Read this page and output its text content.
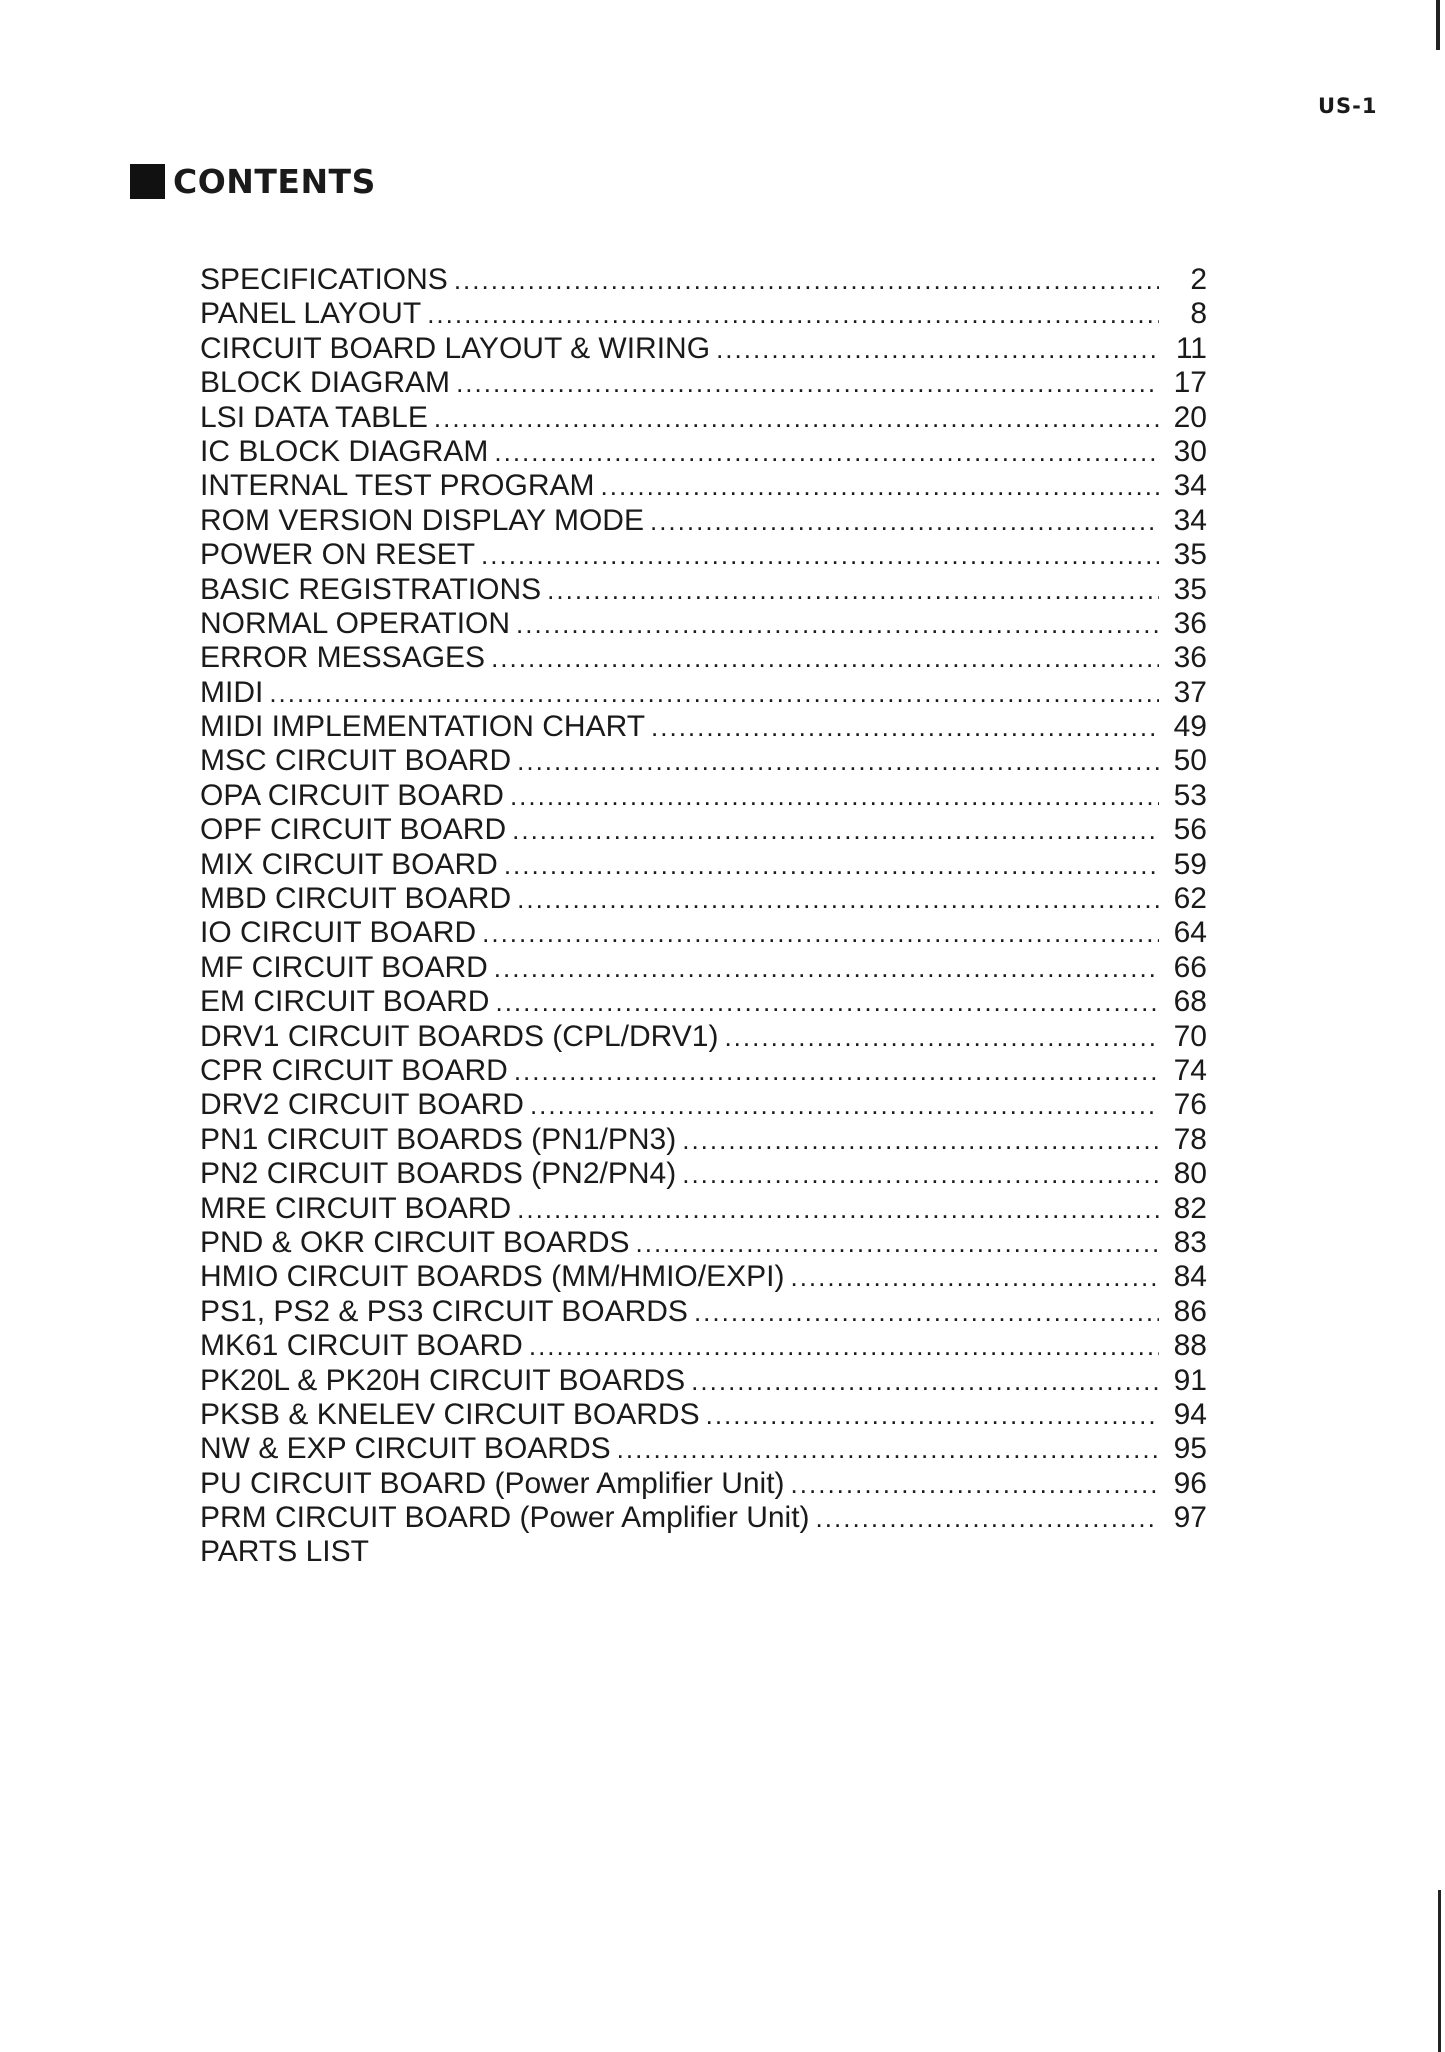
US-1
CONTENTS
SPECIFICATIONS .....	2
PANEL LAYOUT .....	8
CIRCUIT BOARD LAYOUT & WIRING .....	11
BLOCK DIAGRAM .....	17
LSI DATA TABLE .....	20
IC BLOCK DIAGRAM .....	30
INTERNAL TEST PROGRAM .....	34
ROM VERSION DISPLAY MODE .....	34
POWER ON RESET .....	35
BASIC REGISTRATIONS .....	35
NORMAL OPERATION .....	36
ERROR MESSAGES .....	36
MIDI .....	37
MIDI IMPLEMENTATION CHART .....	49
MSC CIRCUIT BOARD .....	50
OPA CIRCUIT BOARD .....	53
OPF CIRCUIT BOARD .....	56
MIX CIRCUIT BOARD .....	59
MBD CIRCUIT BOARD .....	62
IO CIRCUIT BOARD .....	64
MF CIRCUIT BOARD .....	66
EM CIRCUIT BOARD .....	68
DRV1 CIRCUIT BOARDS (CPL/DRV1) .....	70
CPR CIRCUIT BOARD .....	74
DRV2 CIRCUIT BOARD .....	76
PN1 CIRCUIT BOARDS (PN1/PN3) .....	78
PN2 CIRCUIT BOARDS (PN2/PN4) .....	80
MRE CIRCUIT BOARD .....	82
PND & OKR CIRCUIT BOARDS .....	83
HMIO CIRCUIT BOARDS (MM/HMIO/EXPI) .....	84
PS1, PS2 & PS3 CIRCUIT BOARDS .....	86
MK61 CIRCUIT BOARD .....	88
PK20L & PK20H CIRCUIT BOARDS .....	91
PKSB & KNELEV CIRCUIT BOARDS .....	94
NW & EXP CIRCUIT BOARDS .....	95
PU CIRCUIT BOARD (Power Amplifier Unit) .....	96
PRM CIRCUIT BOARD (Power Amplifier Unit) .....	97
PARTS LIST
